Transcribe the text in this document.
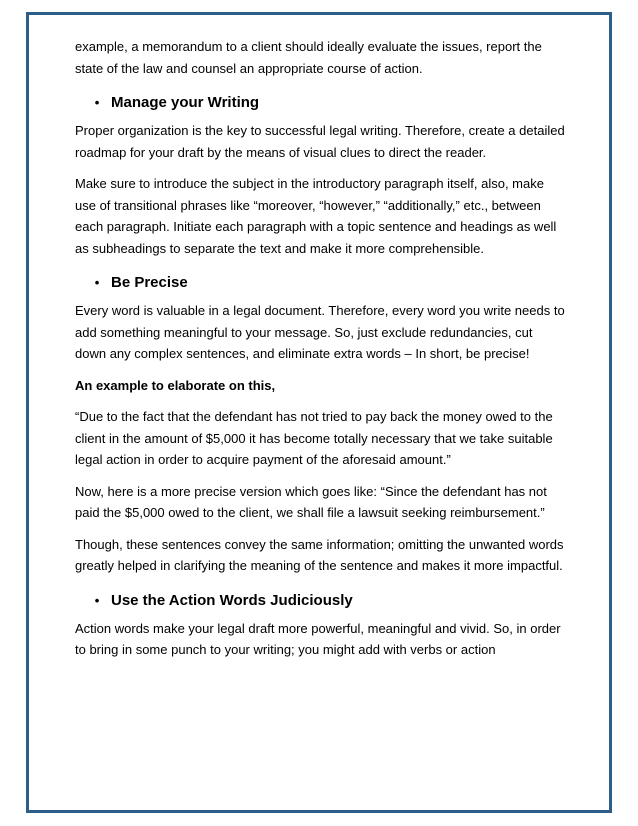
example, a memorandum to a client should ideally evaluate the issues, report the state of the law and counsel an appropriate course of action.

• Manage your Writing

Proper organization is the key to successful legal writing. Therefore, create a detailed roadmap for your draft by the means of visual clues to direct the reader.

Make sure to introduce the subject in the introductory paragraph itself, also, make use of transitional phrases like “moreover, “however,” “additionally,” etc., between each paragraph. Initiate each paragraph with a topic sentence and headings as well as subheadings to separate the text and make it more comprehensible.

• Be Precise

Every word is valuable in a legal document. Therefore, every word you write needs to add something meaningful to your message. So, just exclude redundancies, cut down any complex sentences, and eliminate extra words – In short, be precise!

An example to elaborate on this,

“Due to the fact that the defendant has not tried to pay back the money owed to the client in the amount of $5,000 it has become totally necessary that we take suitable legal action in order to acquire payment of the aforesaid amount.”

Now, here is a more precise version which goes like: “Since the defendant has not paid the $5,000 owed to the client, we shall file a lawsuit seeking reimbursement.”

Though, these sentences convey the same information; omitting the unwanted words greatly helped in clarifying the meaning of the sentence and makes it more impactful.

• Use the Action Words Judiciously

Action words make your legal draft more powerful, meaningful and vivid. So, in order to bring in some punch to your writing; you might add with verbs or action
